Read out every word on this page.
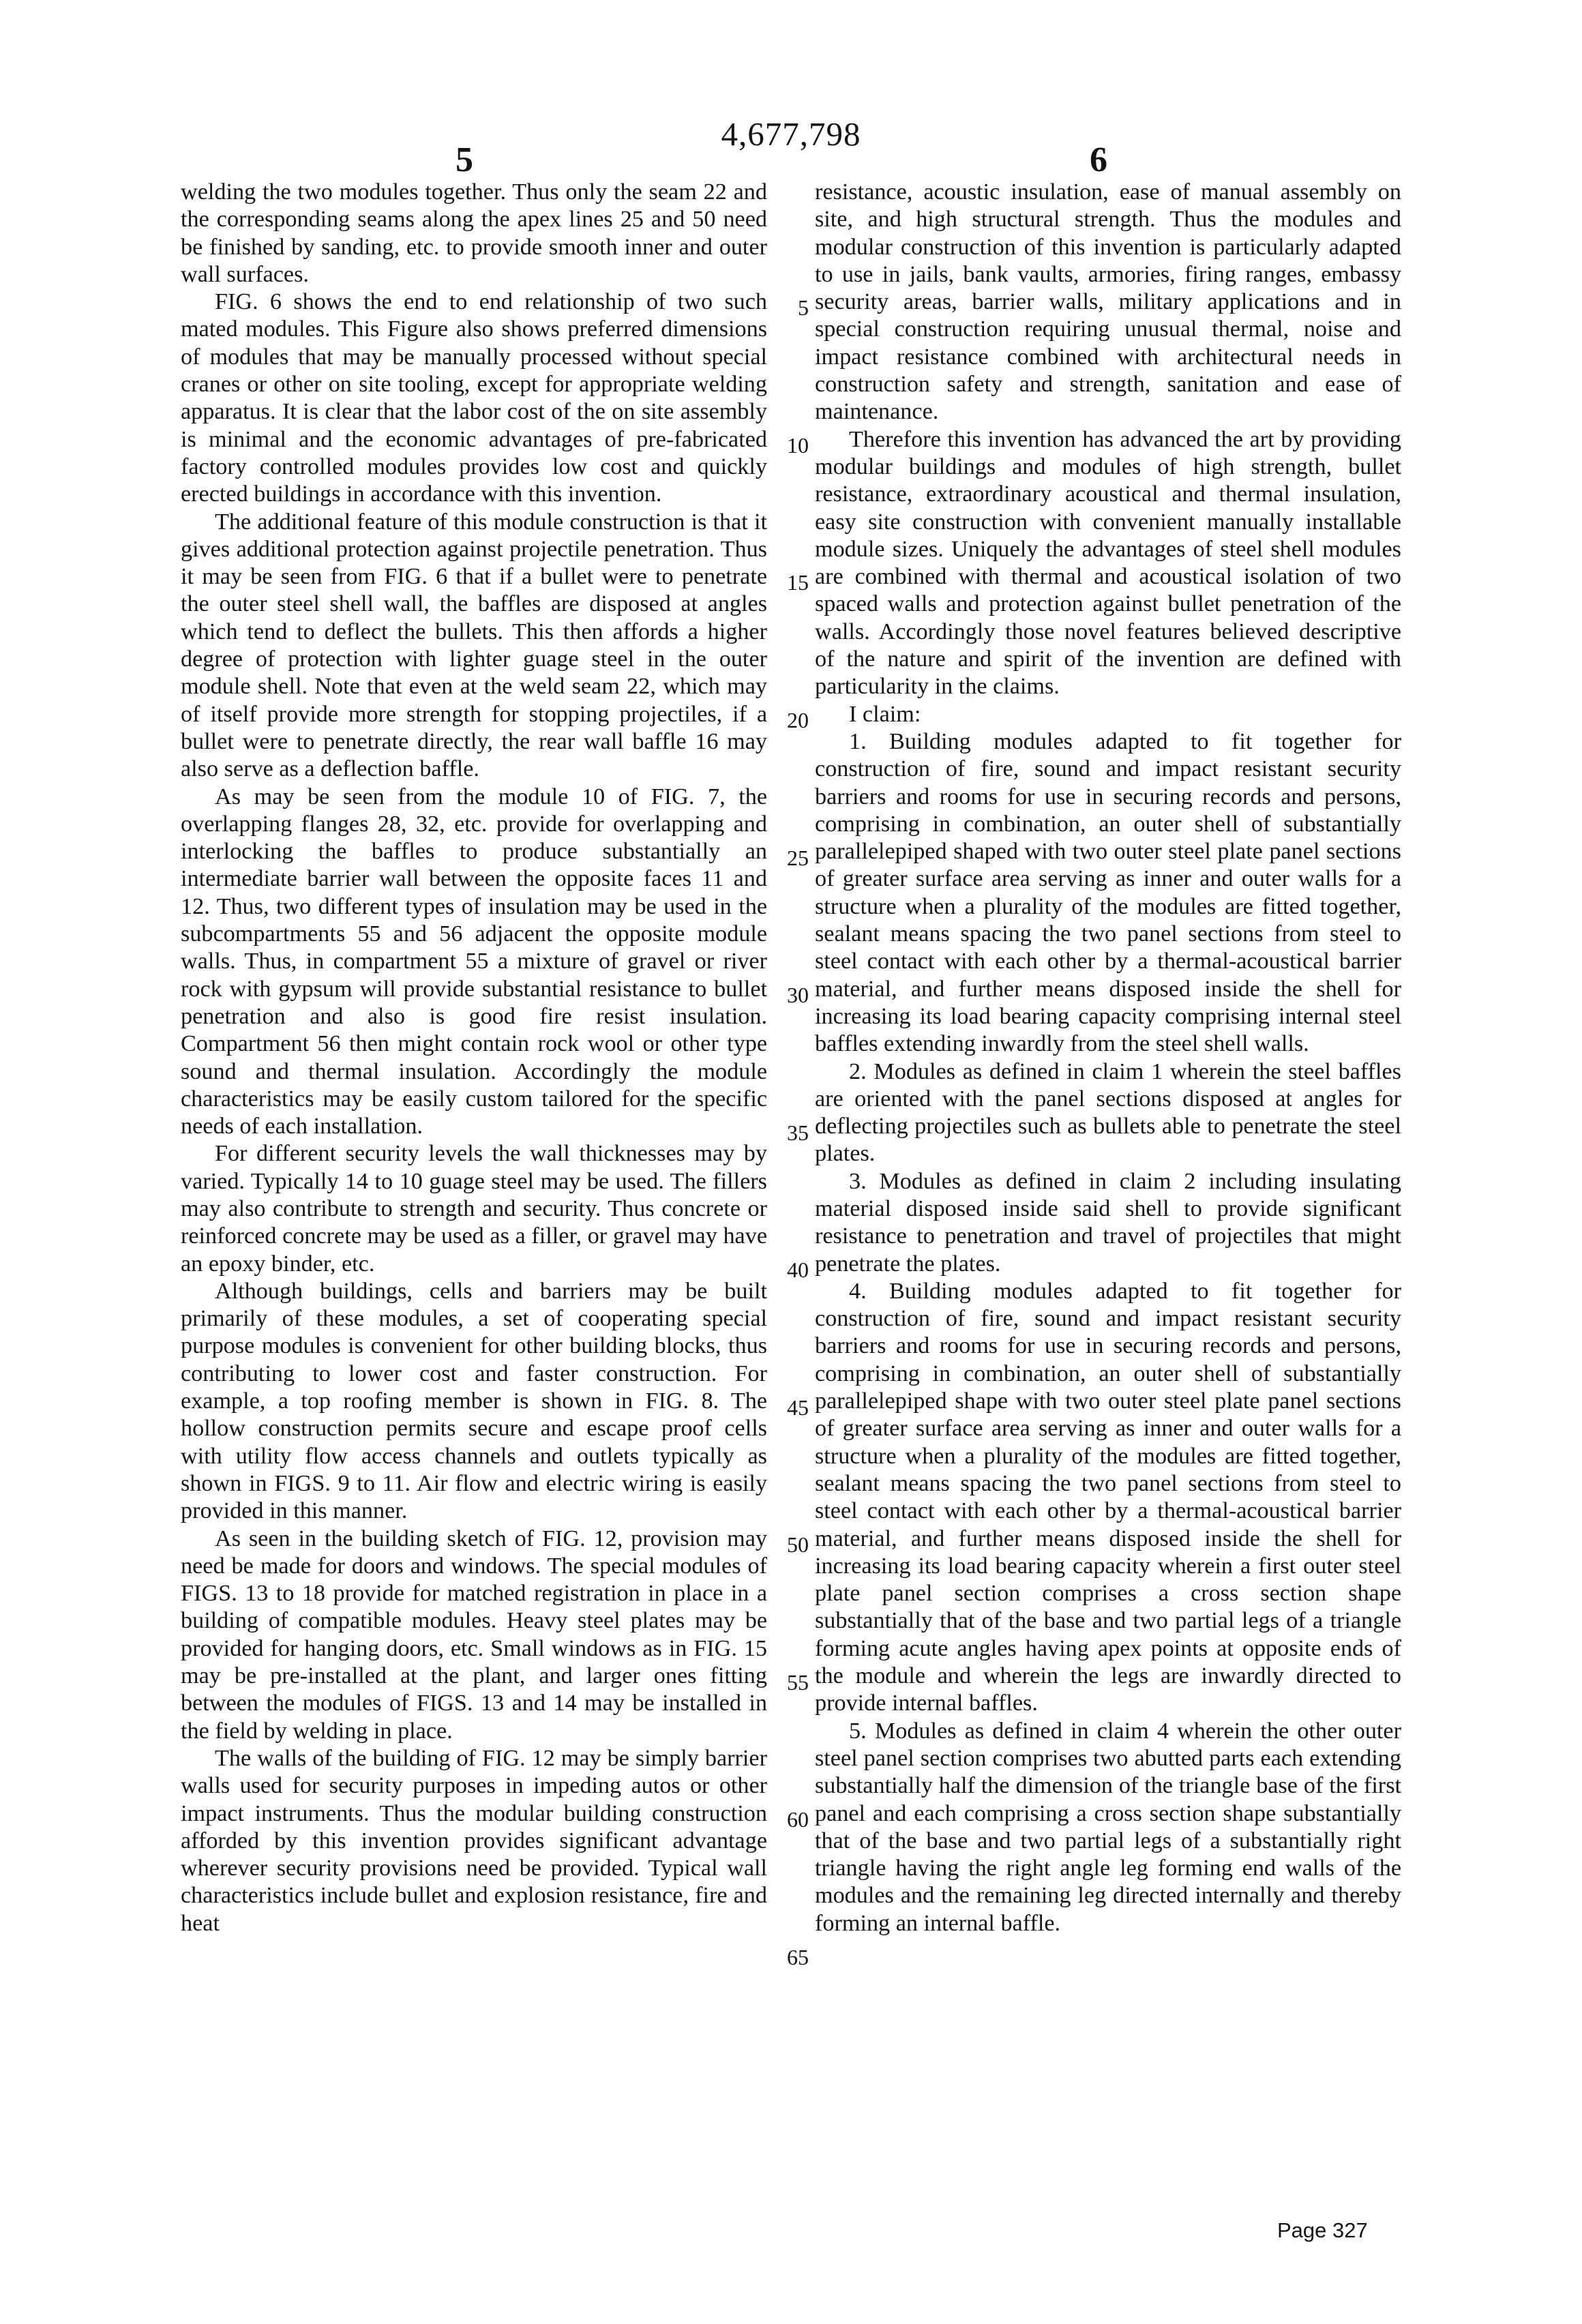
4,677,798
5	6

welding the two modules together. Thus only the seam 22 and the corresponding seams along the apex lines 25 and 50 need be finished by sanding, etc. to provide smooth inner and outer wall surfaces.

FIG. 6 shows the end to end relationship of two such mated modules. This Figure also shows preferred dimensions of modules that may be manually processed without special cranes or other on site tooling, except for appropriate welding apparatus. It is clear that the labor cost of the on site assembly is minimal and the economic advantages of pre-fabricated factory controlled modules provides low cost and quickly erected buildings in accordance with this invention.

The additional feature of this module construction is that it gives additional protection against projectile penetration. Thus it may be seen from FIG. 6 that if a bullet were to penetrate the outer steel shell wall, the baffles are disposed at angles which tend to deflect the bullets. This then affords a higher degree of protection with lighter guage steel in the outer module shell. Note that even at the weld seam 22, which may of itself provide more strength for stopping projectiles, if a bullet were to penetrate directly, the rear wall baffle 16 may also serve as a deflection baffle.

As may be seen from the module 10 of FIG. 7, the overlapping flanges 28, 32, etc. provide for overlapping and interlocking the baffles to produce substantially an intermediate barrier wall between the opposite faces 11 and 12. Thus, two different types of insulation may be used in the subcompartments 55 and 56 adjacent the opposite module walls. Thus, in compartment 55 a mixture of gravel or river rock with gypsum will provide substantial resistance to bullet penetration and also is good fire resist insulation. Compartment 56 then might contain rock wool or other type sound and thermal insulation. Accordingly the module characteristics may be easily custom tailored for the specific needs of each installation.

For different security levels the wall thicknesses may by varied. Typically 14 to 10 guage steel may be used. The fillers may also contribute to strength and security. Thus concrete or reinforced concrete may be used as a filler, or gravel may have an epoxy binder, etc.

Although buildings, cells and barriers may be built primarily of these modules, a set of cooperating special purpose modules is convenient for other building blocks, thus contributing to lower cost and faster construction. For example, a top roofing member is shown in FIG. 8. The hollow construction permits secure and escape proof cells with utility flow access channels and outlets typically as shown in FIGS. 9 to 11. Air flow and electric wiring is easily provided in this manner.

As seen in the building sketch of FIG. 12, provision may need be made for doors and windows. The special modules of FIGS. 13 to 18 provide for matched registration in place in a building of compatible modules. Heavy steel plates may be provided for hanging doors, etc. Small windows as in FIG. 15 may be pre-installed at the plant, and larger ones fitting between the modules of FIGS. 13 and 14 may be installed in the field by welding in place.

The walls of the building of FIG. 12 may be simply barrier walls used for security purposes in impeding autos or other impact instruments. Thus the modular building construction afforded by this invention provides significant advantage wherever security provisions need be provided. Typical wall characteristics include bullet and explosion resistance, fire and heat

5
10
15
20
25
30
35
40
45
50
55
60
65

resistance, acoustic insulation, ease of manual assembly on site, and high structural strength. Thus the modules and modular construction of this invention is particularly adapted to use in jails, bank vaults, armories, firing ranges, embassy security areas, barrier walls, military applications and in special construction requiring unusual thermal, noise and impact resistance combined with architectural needs in construction safety and strength, sanitation and ease of maintenance.

Therefore this invention has advanced the art by providing modular buildings and modules of high strength, bullet resistance, extraordinary acoustical and thermal insulation, easy site construction with convenient manually installable module sizes. Uniquely the advantages of steel shell modules are combined with thermal and acoustical isolation of two spaced walls and protection against bullet penetration of the walls. Accordingly those novel features believed descriptive of the nature and spirit of the invention are defined with particularity in the claims.

I claim:

1. Building modules adapted to fit together for construction of fire, sound and impact resistant security barriers and rooms for use in securing records and persons, comprising in combination, an outer shell of substantially parallelepiped shaped with two outer steel plate panel sections of greater surface area serving as inner and outer walls for a structure when a plurality of the modules are fitted together, sealant means spacing the two panel sections from steel to steel contact with each other by a thermal-acoustical barrier material, and further means disposed inside the shell for increasing its load bearing capacity comprising internal steel baffles extending inwardly from the steel shell walls.

2. Modules as defined in claim 1 wherein the steel baffles are oriented with the panel sections disposed at angles for deflecting projectiles such as bullets able to penetrate the steel plates.

3. Modules as defined in claim 2 including insulating material disposed inside said shell to provide significant resistance to penetration and travel of projectiles that might penetrate the plates.

4. Building modules adapted to fit together for construction of fire, sound and impact resistant security barriers and rooms for use in securing records and persons, comprising in combination, an outer shell of substantially parallelepiped shape with two outer steel plate panel sections of greater surface area serving as inner and outer walls for a structure when a plurality of the modules are fitted together, sealant means spacing the two panel sections from steel to steel contact with each other by a thermal-acoustical barrier material, and further means disposed inside the shell for increasing its load bearing capacity wherein a first outer steel plate panel section comprises a cross section shape substantially that of the base and two partial legs of a triangle forming acute angles having apex points at opposite ends of the module and wherein the legs are inwardly directed to provide internal baffles.

5. Modules as defined in claim 4 wherein the other outer steel panel section comprises two abutted parts each extending substantially half the dimension of the triangle base of the first panel and each comprising a cross section shape substantially that of the base and two partial legs of a substantially right triangle having the right angle leg forming end walls of the modules and the remaining leg directed internally and thereby forming an internal baffle.

Page 327
